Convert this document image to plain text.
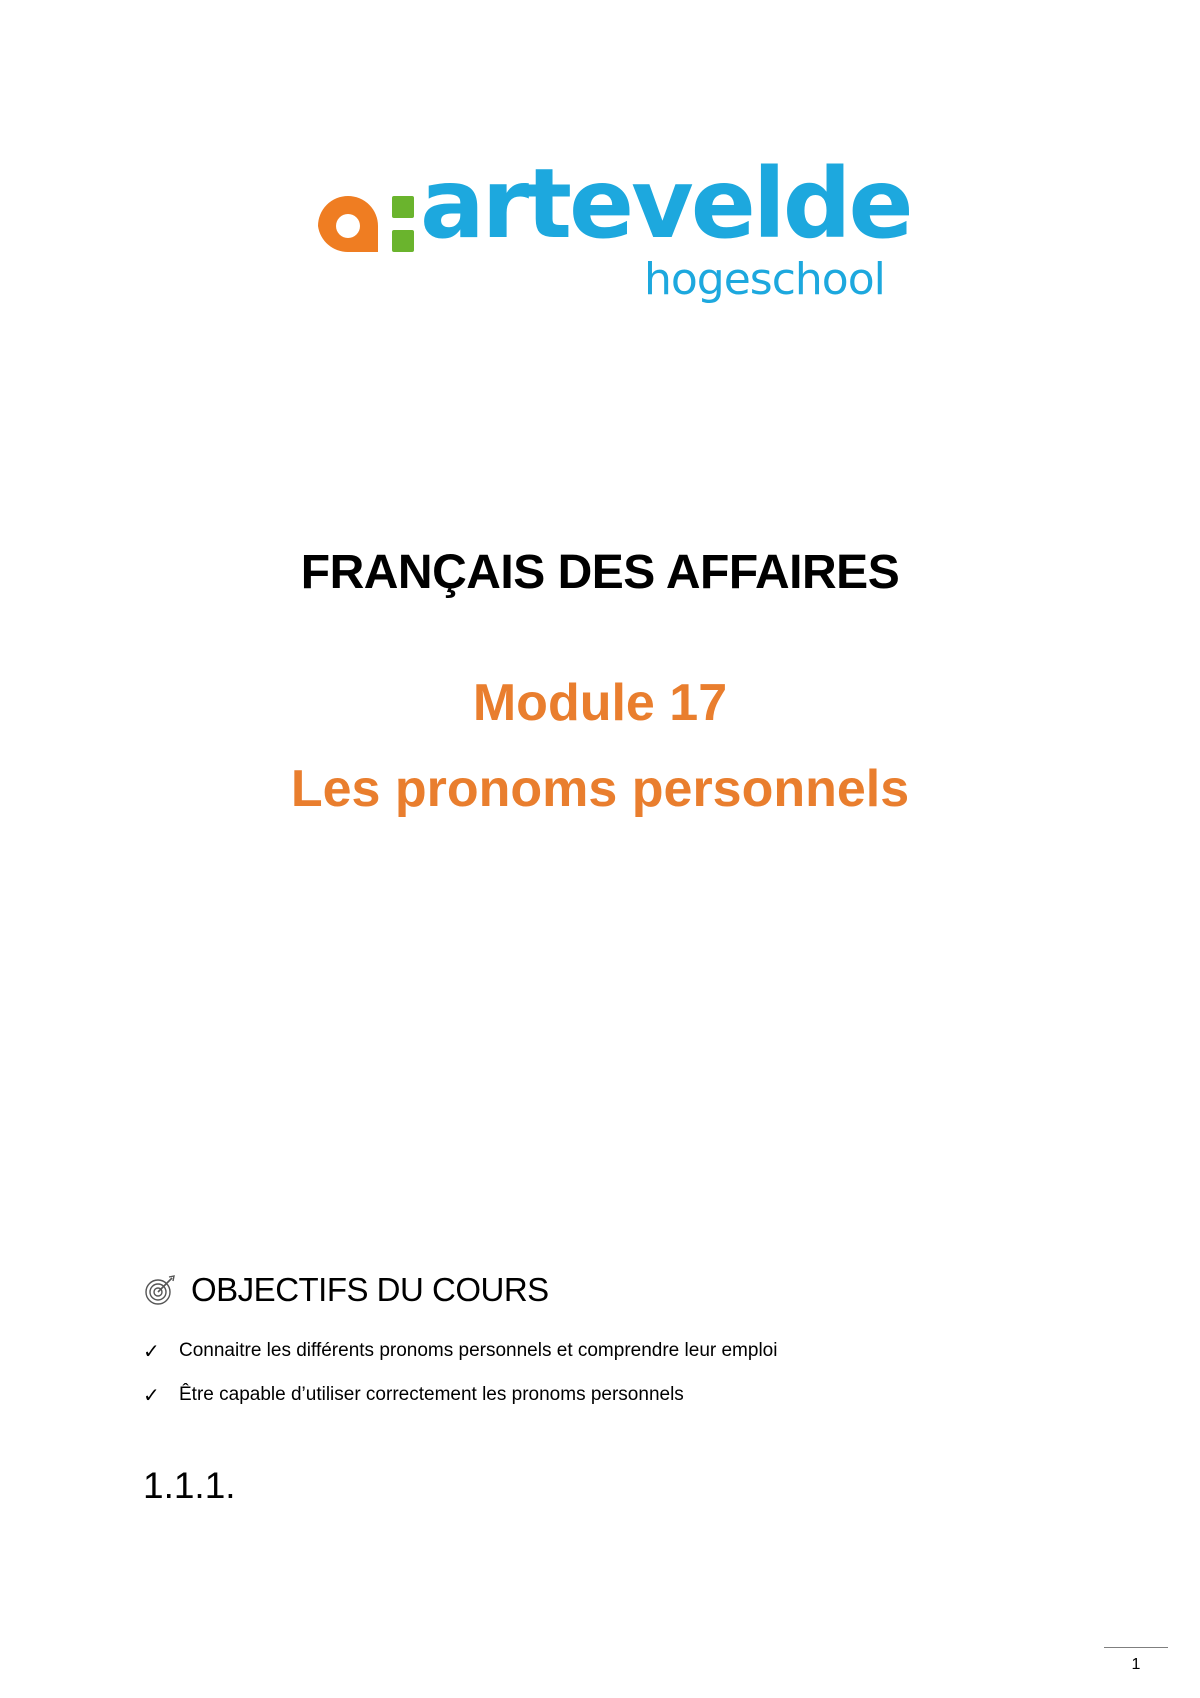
artevelde
hogeschool
FRANÇAIS DES AFFAIRES
Module 17
Les pronoms personnels
OBJECTIFS DU COURS
✓ Connaitre les différents pronoms personnels et comprendre leur emploi
✓ Être capable d’utiliser correctement les pronoms personnels
1.1.1.
1
